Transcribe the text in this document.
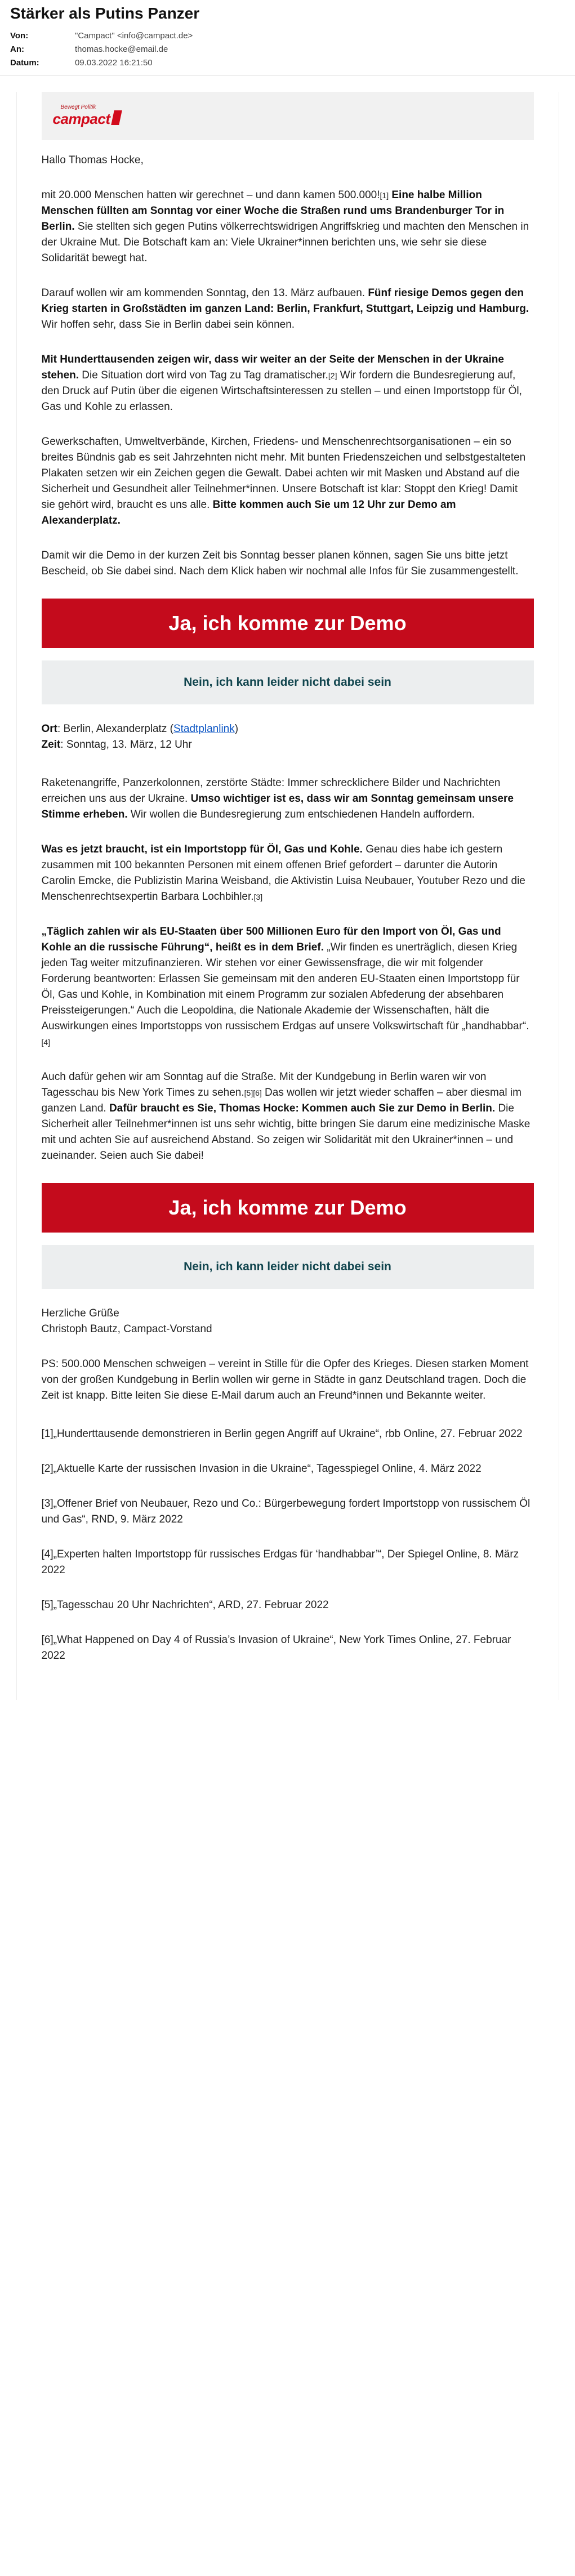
Stärker als Putins Panzer
Von:	"Campact" <info@campact.de>
An:	thomas.hocke@email.de
Datum:	09.03.2022 16:21:50
Bewegt Politik
campact

Hallo Thomas Hocke,

mit 20.000 Menschen hatten wir gerechnet – und dann kamen 500.000![1] Eine halbe Million Menschen füllten am Sonntag vor einer Woche die Straßen rund ums Brandenburger Tor in Berlin. Sie stellten sich gegen Putins völkerrechtswidrigen Angriffskrieg und machten den Menschen in der Ukraine Mut. Die Botschaft kam an: Viele Ukrainer*innen berichten uns, wie sehr sie diese Solidarität bewegt hat.

Darauf wollen wir am kommenden Sonntag, den 13. März aufbauen. Fünf riesige Demos gegen den Krieg starten in Großstädten im ganzen Land: Berlin, Frankfurt, Stuttgart, Leipzig und Hamburg. Wir hoffen sehr, dass Sie in Berlin dabei sein können.

Mit Hunderttausenden zeigen wir, dass wir weiter an der Seite der Menschen in der Ukraine stehen. Die Situation dort wird von Tag zu Tag dramatischer.[2] Wir fordern die Bundesregierung auf, den Druck auf Putin über die eigenen Wirtschaftsinteressen zu stellen – und einen Importstopp für Öl, Gas und Kohle zu erlassen.

Gewerkschaften, Umweltverbände, Kirchen, Friedens- und Menschenrechtsorganisationen – ein so breites Bündnis gab es seit Jahrzehnten nicht mehr. Mit bunten Friedenszeichen und selbstgestalteten Plakaten setzen wir ein Zeichen gegen die Gewalt. Dabei achten wir mit Masken und Abstand auf die Sicherheit und Gesundheit aller Teilnehmer*innen. Unsere Botschaft ist klar: Stoppt den Krieg! Damit sie gehört wird, braucht es uns alle. Bitte kommen auch Sie um 12 Uhr zur Demo am Alexanderplatz.

Damit wir die Demo in der kurzen Zeit bis Sonntag besser planen können, sagen Sie uns bitte jetzt Bescheid, ob Sie dabei sind. Nach dem Klick haben wir nochmal alle Infos für Sie zusammengestellt.

Ja, ich komme zur Demo
Nein, ich kann leider nicht dabei sein
Ort: Berlin, Alexanderplatz (Stadtplanlink)
Zeit: Sonntag, 13. März, 12 Uhr

Raketenangriffe, Panzerkolonnen, zerstörte Städte: Immer schrecklichere Bilder und Nachrichten erreichen uns aus der Ukraine. Umso wichtiger ist es, dass wir am Sonntag gemeinsam unsere Stimme erheben. Wir wollen die Bundesregierung zum entschiedenen Handeln auffordern.

Was es jetzt braucht, ist ein Importstopp für Öl, Gas und Kohle. Genau dies habe ich gestern zusammen mit 100 bekannten Personen mit einem offenen Brief gefordert – darunter die Autorin Carolin Emcke, die Publizistin Marina Weisband, die Aktivistin Luisa Neubauer, Youtuber Rezo und die Menschenrechtsexpertin Barbara Lochbihler.[3]

„Täglich zahlen wir als EU-Staaten über 500 Millionen Euro für den Import von Öl, Gas und Kohle an die russische Führung“, heißt es in dem Brief. „Wir finden es unerträglich, diesen Krieg jeden Tag weiter mitzufinanzieren. Wir stehen vor einer Gewissensfrage, die wir mit folgender Forderung beantworten: Erlassen Sie gemeinsam mit den anderen EU-Staaten einen Importstopp für Öl, Gas und Kohle, in Kombination mit einem Programm zur sozialen Abfederung der absehbaren Preissteigerungen.“ Auch die Leopoldina, die Nationale Akademie der Wissenschaften, hält die Auswirkungen eines Importstopps von russischem Erdgas auf unsere Volkswirtschaft für „handhabbar“.[4]

Auch dafür gehen wir am Sonntag auf die Straße. Mit der Kundgebung in Berlin waren wir von Tagesschau bis New York Times zu sehen.[5][6] Das wollen wir jetzt wieder schaffen – aber diesmal im ganzen Land. Dafür braucht es Sie, Thomas Hocke: Kommen auch Sie zur Demo in Berlin. Die Sicherheit aller Teilnehmer*innen ist uns sehr wichtig, bitte bringen Sie darum eine medizinische Maske mit und achten Sie auf ausreichend Abstand. So zeigen wir Solidarität mit den Ukrainer*innen – und zueinander. Seien auch Sie dabei!

Ja, ich komme zur Demo
Nein, ich kann leider nicht dabei sein

Herzliche Grüße
Christoph Bautz, Campact-Vorstand

PS: 500.000 Menschen schweigen – vereint in Stille für die Opfer des Krieges. Diesen starken Moment von der großen Kundgebung in Berlin wollen wir gerne in Städte in ganz Deutschland tragen. Doch die Zeit ist knapp. Bitte leiten Sie diese E-Mail darum auch an Freund*innen und Bekannte weiter.

[1]„Hunderttausende demonstrieren in Berlin gegen Angriff auf Ukraine“, rbb Online, 27. Februar 2022

[2]„Aktuelle Karte der russischen Invasion in die Ukraine“, Tagesspiegel Online, 4. März 2022

[3]„Offener Brief von Neubauer, Rezo und Co.: Bürgerbewegung fordert Importstopp von russischem Öl und Gas“, RND, 9. März 2022

[4]„Experten halten Importstopp für russisches Erdgas für ‘handhabbar’“, Der Spiegel Online, 8. März 2022

[5]„Tagesschau 20 Uhr Nachrichten“, ARD, 27. Februar 2022

[6]„What Happened on Day 4 of Russia’s Invasion of Ukraine“, New York Times Online, 27. Februar 2022
